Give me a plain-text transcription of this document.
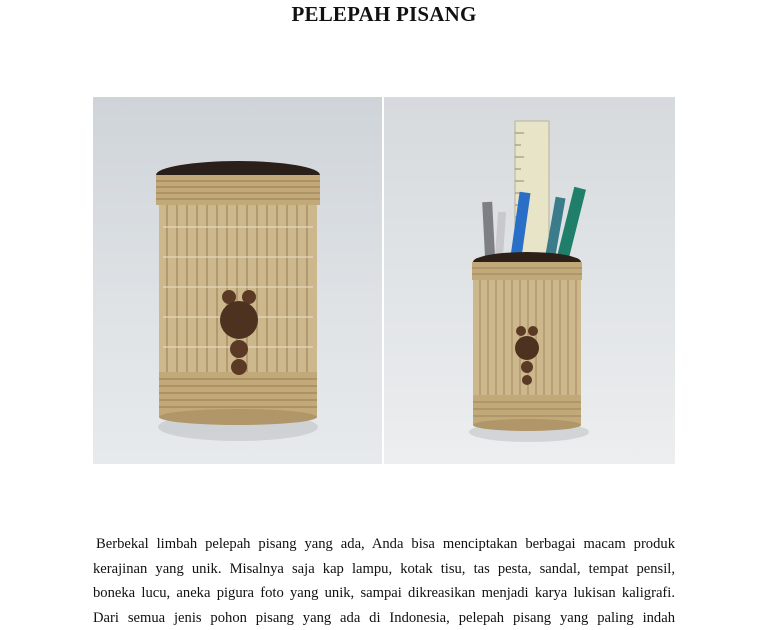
PELEPAH PISANG
Berbekal limbah pelepah pisang yang ada, Anda bisa menciptakan berbagai macam produk
kerajinan yang unik. Misalnya saja kap lampu, kotak tisu, tas pesta, sandal, tempat pensil,
boneka lucu, aneka pigura foto yang unik, sampai dikreasikan menjadi karya lukisan kaligrafi.
Dari semua jenis pohon pisang yang ada di Indonesia, pelepah pisang yang paling indah
